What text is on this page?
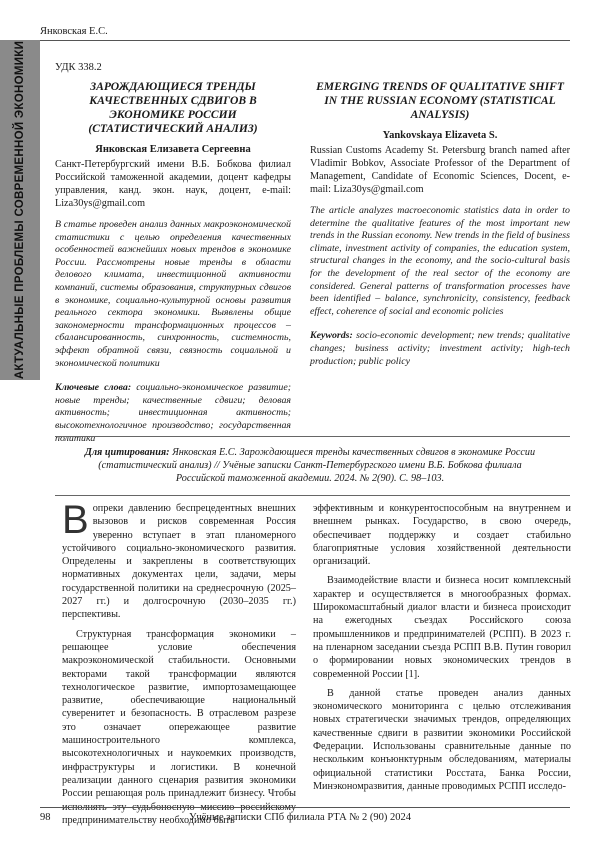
Янковская Е.С.
АКТУАЛЬНЫЕ ПРОБЛЕМЫ СОВРЕМЕННОЙ ЭКОНОМИКИ	УДК 338.2
ЗАРОЖДАЮЩИЕСЯ ТРЕНДЫ КАЧЕСТВЕННЫХ СДВИГОВ В ЭКОНОМИКЕ РОССИИ (СТАТИСТИЧЕСКИЙ АНАЛИЗ)
Янковская Елизавета Сергеевна
Санкт-Петербургский имени В.Б. Бобкова филиал Российской таможенной академии, доцент кафедры управления, канд. экон. наук, доцент, e-mail: Liza30ys@gmail.com
В статье проведен анализ данных макроэкономической статистики с целью определения качественных особенностей важнейших новых трендов в экономике России. Рассмотрены новые тренды в области делового климата, инвестиционной активности компаний, системы образования, структурных сдвигов в экономике, социально-культурной основы развития реального сектора экономики. Выявлены общие закономерности трансформационных процессов – сбалансированность, синхронность, системность, эффект обратной связи, связность социальной и экономической политики
Ключевые слова: социально-экономическое развитие; новые тренды; качественные сдвиги; деловая активность; инвестиционная активность; высокотехнологичное производство; государственная политика
EMERGING TRENDS OF QUALITATIVE SHIFT IN THE RUSSIAN ECONOMY (STATISTICAL ANALYSIS)
Yankovskaya Elizaveta S.
Russian Customs Academy St. Petersburg branch named after Vladimir Bobkov, Associate Professor of the Department of Management, Candidate of Economic Sciences, Docent, e-mail: Liza30ys@gmail.com
The article analyzes macroeconomic statistics data in order to determine the qualitative features of the most important new trends in the Russian economy. New trends in the field of business climate, investment activity of companies, the education system, structural changes in the economy, and the socio-cultural basis for the development of the real sector of the economy are considered. General patterns of transformation processes have been identified – balance, synchronicity, consistency, feedback effect, coherence of social and economic policies
Keywords: socio-economic development; new trends; qualitative changes; business activity; investment activity; high-tech production; public policy
Для цитирования: Янковская Е.С. Зарождающиеся тренды качественных сдвигов в экономике России (статистический анализ) // Учёные записки Санкт-Петербургского имени В.Б. Бобкова филиала Российской таможенной академии. 2024. № 2(90). С. 98–103.

Вопреки давлению беспрецедентных внешних вызовов и рисков современная Россия уверенно вступает в этап планомерного устойчивого социально-экономического развития. Определены и закреплены в соответствующих нормативных документах цели, задачи, меры государственной политики на среднесрочную (2025–2027 гг.) и долгосрочную (2030–2035 гг.) перспективы.

Структурная трансформация экономики – решающее условие обеспечения макроэкономической стабильности. Основными векторами такой трансформации являются технологическое развитие, импортозамещающее развитие, обеспечивающие национальный суверенитет и безопасность. В отраслевом разрезе это означает опережающее развитие машиностроительного комплекса, высокотехнологичных и наукоемких производств, инфраструктуры и логистики. В конечной реализации данного сценария развития экономики России решающая роль принадлежит бизнесу. Чтобы исполнять эту судьбоносную миссию российскому предпринимательству необходимо быть

эффективным и конкурентоспособным на внутреннем и внешнем рынках. Государство, в свою очередь, обеспечивает поддержку и создает стабильно благоприятные условия хозяйственной деятельности организаций.

Взаимодействие власти и бизнеса носит комплексный характер и осуществляется в многообразных формах. Широкомасштабный диалог власти и бизнеса происходит на ежегодных съездах Российского союза промышленников и предпринимателей (РСПП). В 2023 г. на пленарном заседании съезда РСПП В.В. Путин говорил о формировании новых экономических трендов в современной России [1].

В данной статье проведен анализ данных экономического мониторинга с целью отслеживания новых стратегически значимых трендов, определяющих качественные сдвиги в развитии экономики Российской Федерации. Использованы сравнительные данные по нескольким конъюнктурным обследованиям, материалы официальной статистики Росстата, Банка России, Минэкономразвития, данные проводимых РСПП исследо-

98	Учёные записки СПб филиала РТА № 2 (90) 2024
